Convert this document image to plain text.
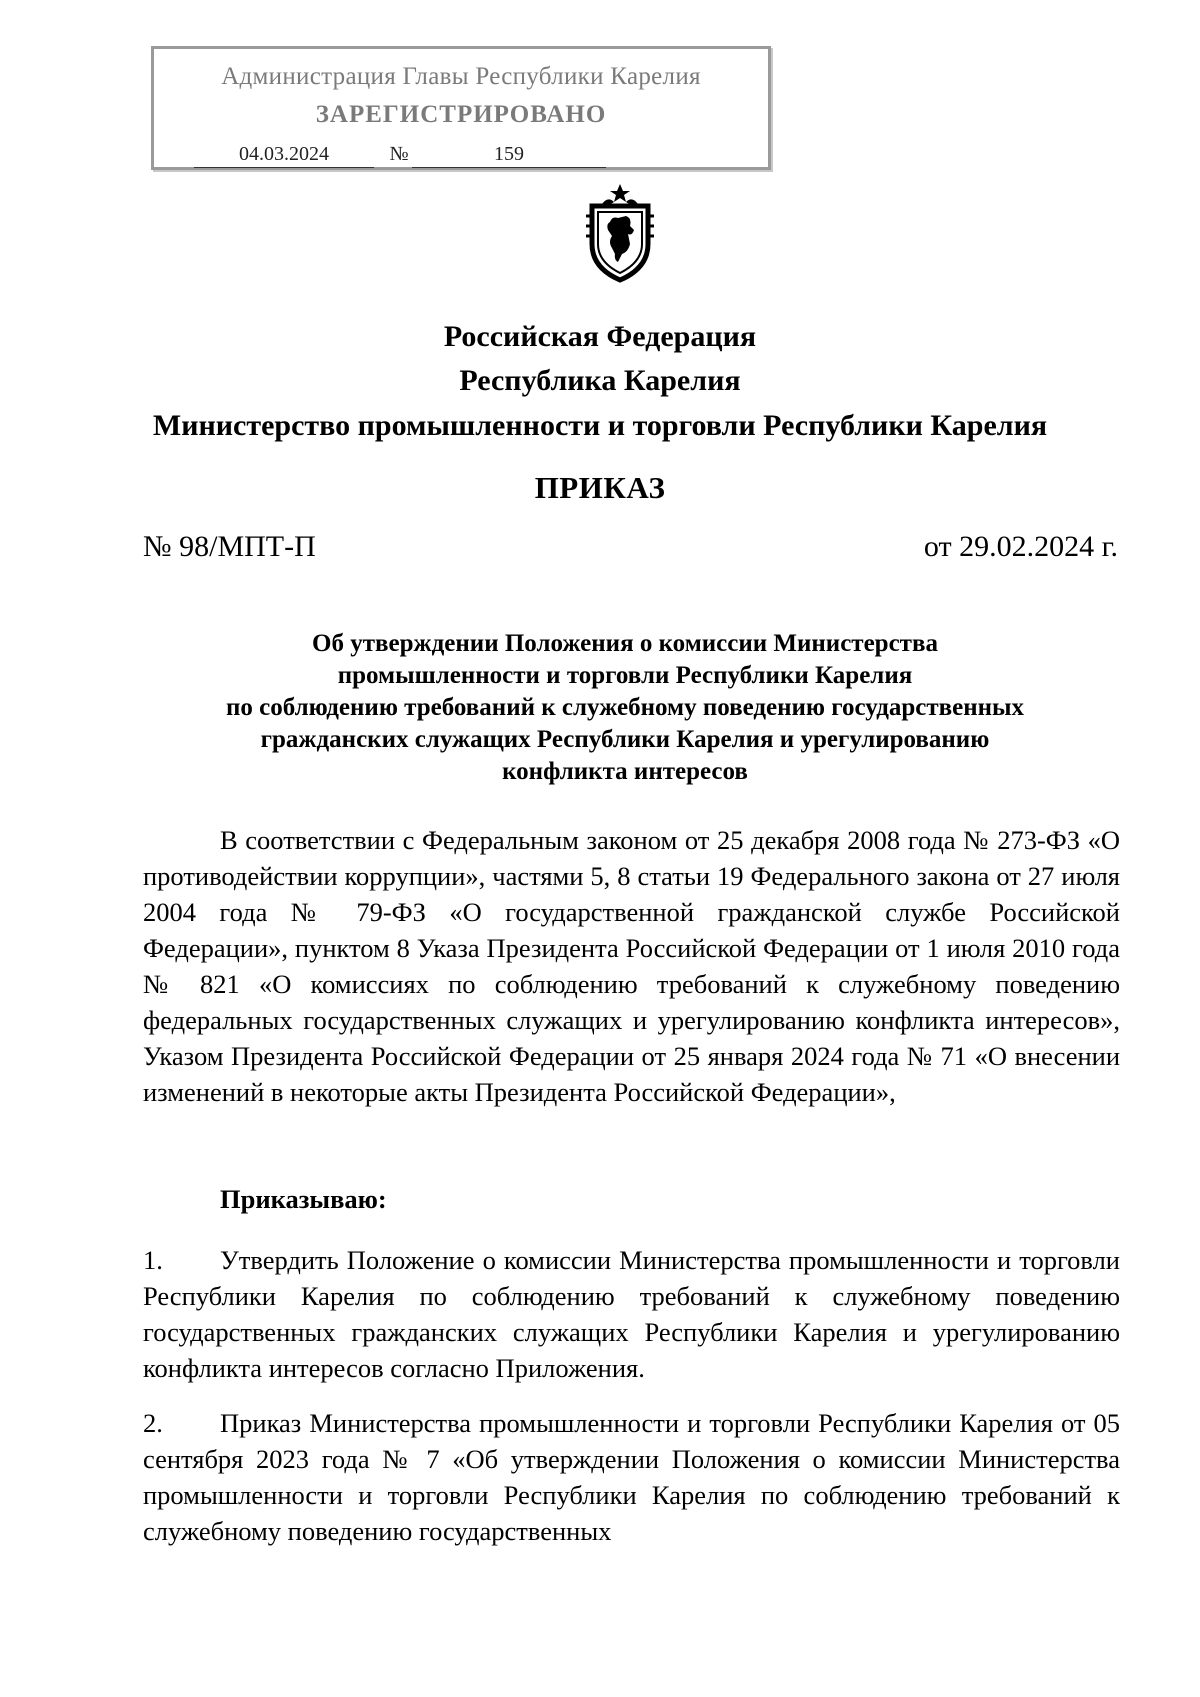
Администрация Главы Республики Карелия
ЗАРЕГИСТРИРОВАНО
04.03.2024	№	159
Российская Федерация
Республика Карелия
Министерство промышленности и торговли Республики Карелия
ПРИКАЗ
№ 98/МПТ-П	от 29.02.2024 г.
Об утверждении Положения о комиссии Министерства
промышленности и торговли Республики Карелия
по соблюдению требований к служебному поведению государственных
гражданских служащих Республики Карелия и урегулированию
конфликта интересов
В соответствии с Федеральным законом от 25 декабря 2008 года № 273-ФЗ «О противодействии коррупции», частями 5, 8 статьи 19 Федерального закона от 27 июля 2004 года № 79-ФЗ «О государственной гражданской службе Российской Федерации», пунктом 8 Указа Президента Российской Федерации от 1 июля 2010 года № 821 «О комиссиях по соблюдению требований к служебному поведению федеральных государственных служащих и урегулированию конфликта интересов», Указом Президента Российской Федерации от 25 января 2024 года № 71 «О внесении изменений в некоторые акты Президента Российской Федерации»,
Приказываю:
1. Утвердить Положение о комиссии Министерства промышленности и торговли Республики Карелия по соблюдению требований к служебному поведению государственных гражданских служащих Республики Карелия и урегулированию конфликта интересов согласно Приложения.
2. Приказ Министерства промышленности и торговли Республики Карелия от 05 сентября 2023 года № 7 «Об утверждении Положения о комиссии Министерства промышленности и торговли Республики Карелия по соблюдению требований к служебному поведению государственных
